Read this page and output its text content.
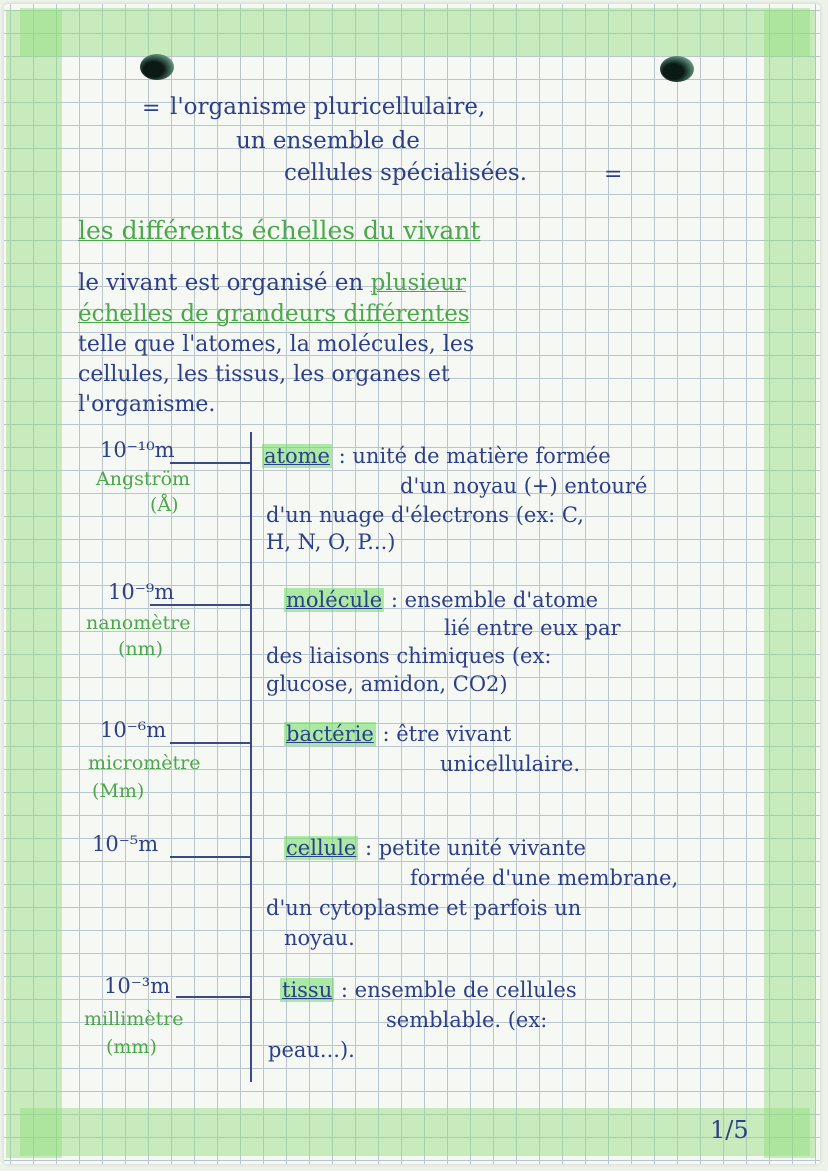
= l'organisme pluricellulaire,
un ensemble de
cellules spécialisées.	=
les différents échelles du vivant
le vivant est organisé en plusieur
échelles de grandeurs différentes
telle que l'atomes, la molécules, les
cellules, les tissus, les organes et
l'organisme.
10⁻¹⁰m
Angström
(Å)
atome : unité de matière formée
d'un noyau (+) entouré
d'un nuage d'électrons (ex: C,
H, N, O, P...)
10⁻⁹m
nanomètre
(nm)
molécule : ensemble d'atome
lié entre eux par
des liaisons chimiques (ex:
glucose, amidon, CO2)
10⁻⁶m
micromètre
(Mm)
bactérie : être vivant
unicellulaire.
10⁻⁵m	cellule : petite unité vivante
formée d'une membrane,
d'un cytoplasme et parfois un
noyau.
10⁻³m
millimètre
(mm)
tissu : ensemble de cellules
semblable. (ex:
peau...).
1/5
